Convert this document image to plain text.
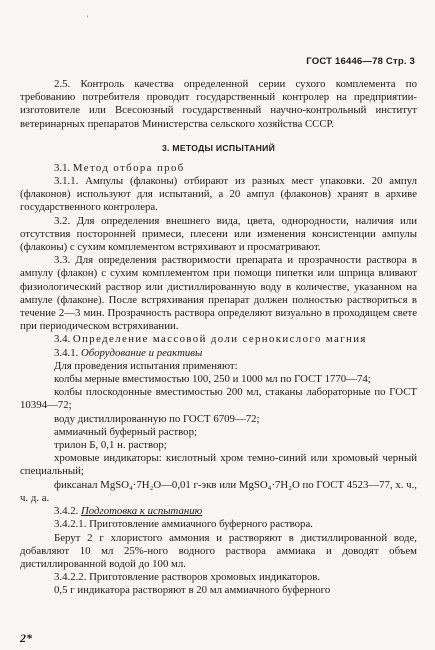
'
ГОСТ 16446—78 Стр. 3

2.5. Контроль качества определенной серии сухого комплемента по требованию потребителя проводит государственный контролер на предприятии-изготовителе или Всесоюзный государственный научно-контрольный институт ветеринарных препаратов Министерства сельского хозяйства СССР.

3. МЕТОДЫ ИСПЫТАНИЙ

3.1. Метод отбора проб

3.1.1. Ампулы (флаконы) отбирают из разных мест упаковки. 20 ампул (флаконов) используют для испытаний, а 20 ампул (флаконов) хранят в архиве государственного контролера.

3.2. Для определения внешнего вида, цвета, однородности, наличия или отсутствия посторонней примеси, плесени или изменения консистенции ампулы (флаконы) с сухим комплементом встряхивают и просматривают.

3.3. Для определения растворимости препарата и прозрачности раствора в ампулу (флакон) с сухим комплементом при помощи пипетки или шприца вливают физиологический раствор или дистиллированную воду в количестве, указанном на ампуле (флаконе). После встряхивания препарат должен полностью раствориться в течение 2—3 мин. Прозрачность раствора определяют визуально в проходящем свете при периодическом встряхивании.

3.4. Определение массовой доли сернокислого магния

3.4.1. Оборудование и реактивы

Для проведения испытания применяют:

колбы мерные вместимостью 100, 250 и 1000 мл по ГОСТ 1770—74;

колбы плоскодонные вместимостью 200 мл, стаканы лабораторные по ГОСТ 10394—72;

воду дистиллированную по ГОСТ 6709—72;

аммиачный буферный раствор;

трилон Б, 0,1 н. раствор;

хромовые индикаторы: кислотный хром темно-синий или хромовый черный специальный;

фиксанал MgSO₄·7H₂O—0,01 г-экв или MgSO₄·7H₂O по ГОСТ 4523—77, х. ч., ч. д. а.

3.4.2. Подготовка к испытанию

3.4.2.1. Приготовление аммиачного буферного раствора.

Берут 2 г хлористого аммония и растворяют в дистиллированной воде, добавляют 10 мл 25%-ного водного раствора аммиака и доводят объем дистиллированной водой до 100 мл.

3.4.2.2. Приготовление растворов хромовых индикаторов.

0,5 г индикатора растворяют в 20 мл аммиачного буферного

2*
